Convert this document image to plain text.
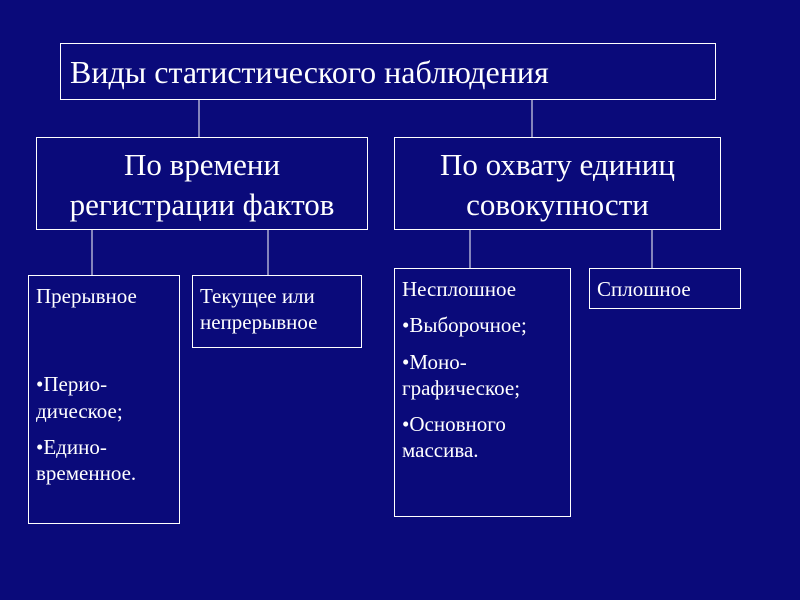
Виды статистического наблюдения
По времени
регистрации фактов
По охвату единиц
совокупности
Прерывное
•Перио-
дическое;
•Едино-
временное.
Текущее или
непрерывное
Несплошное
•Выборочное;
•Моно-
графическое;
•Основного
массива.
Сплошное
